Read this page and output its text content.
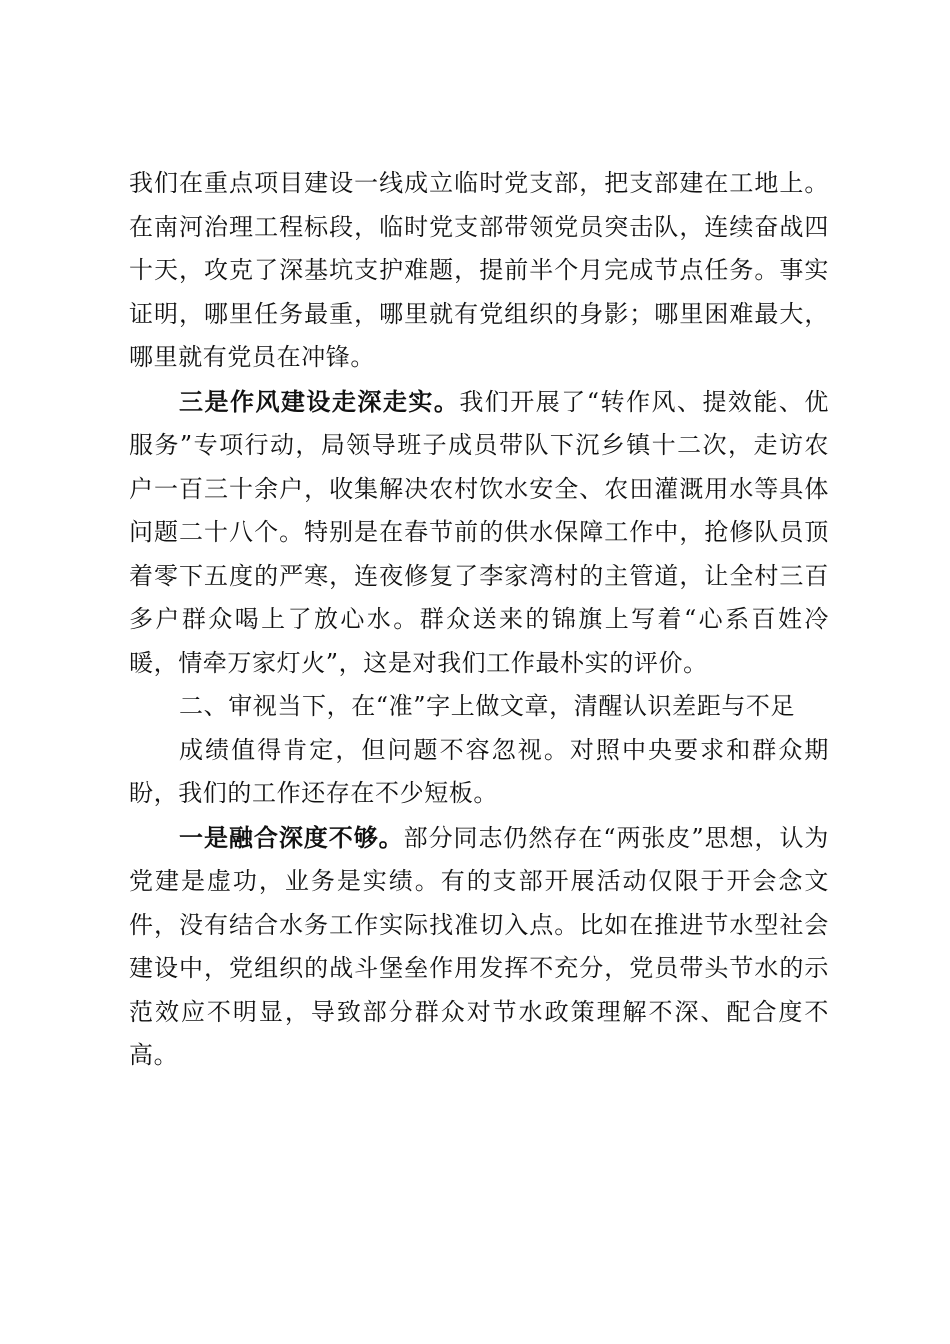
我们在重点项目建设一线成立临时党支部，把支部建在工地上。在南河治理工程标段，临时党支部带领党员突击队，连续奋战四十天，攻克了深基坑支护难题，提前半个月完成节点任务。事实证明，哪里任务最重，哪里就有党组织的身影；哪里困难最大，哪里就有党员在冲锋。

三是作风建设走深走实。我们开展了“转作风、提效能、优服务”专项行动，局领导班子成员带队下沉乡镇十二次，走访农户一百三十余户，收集解决农村饮水安全、农田灌溉用水等具体问题二十八个。特别是在春节前的供水保障工作中，抢修队员顶着零下五度的严寒，连夜修复了李家湾村的主管道，让全村三百多户群众喝上了放心水。群众送来的锦旗上写着“心系百姓冷暖，情牵万家灯火”，这是对我们工作最朴实的评价。

二、审视当下，在“准”字上做文章，清醒认识差距与不足

成绩值得肯定，但问题不容忽视。对照中央要求和群众期盼，我们的工作还存在不少短板。

一是融合深度不够。部分同志仍然存在“两张皮”思想，认为党建是虚功，业务是实绩。有的支部开展活动仅限于开会念文件，没有结合水务工作实际找准切入点。比如在推进节水型社会建设中，党组织的战斗堡垒作用发挥不充分，党员带头节水的示范效应不明显，导致部分群众对节水政策理解不深、配合度不高。
